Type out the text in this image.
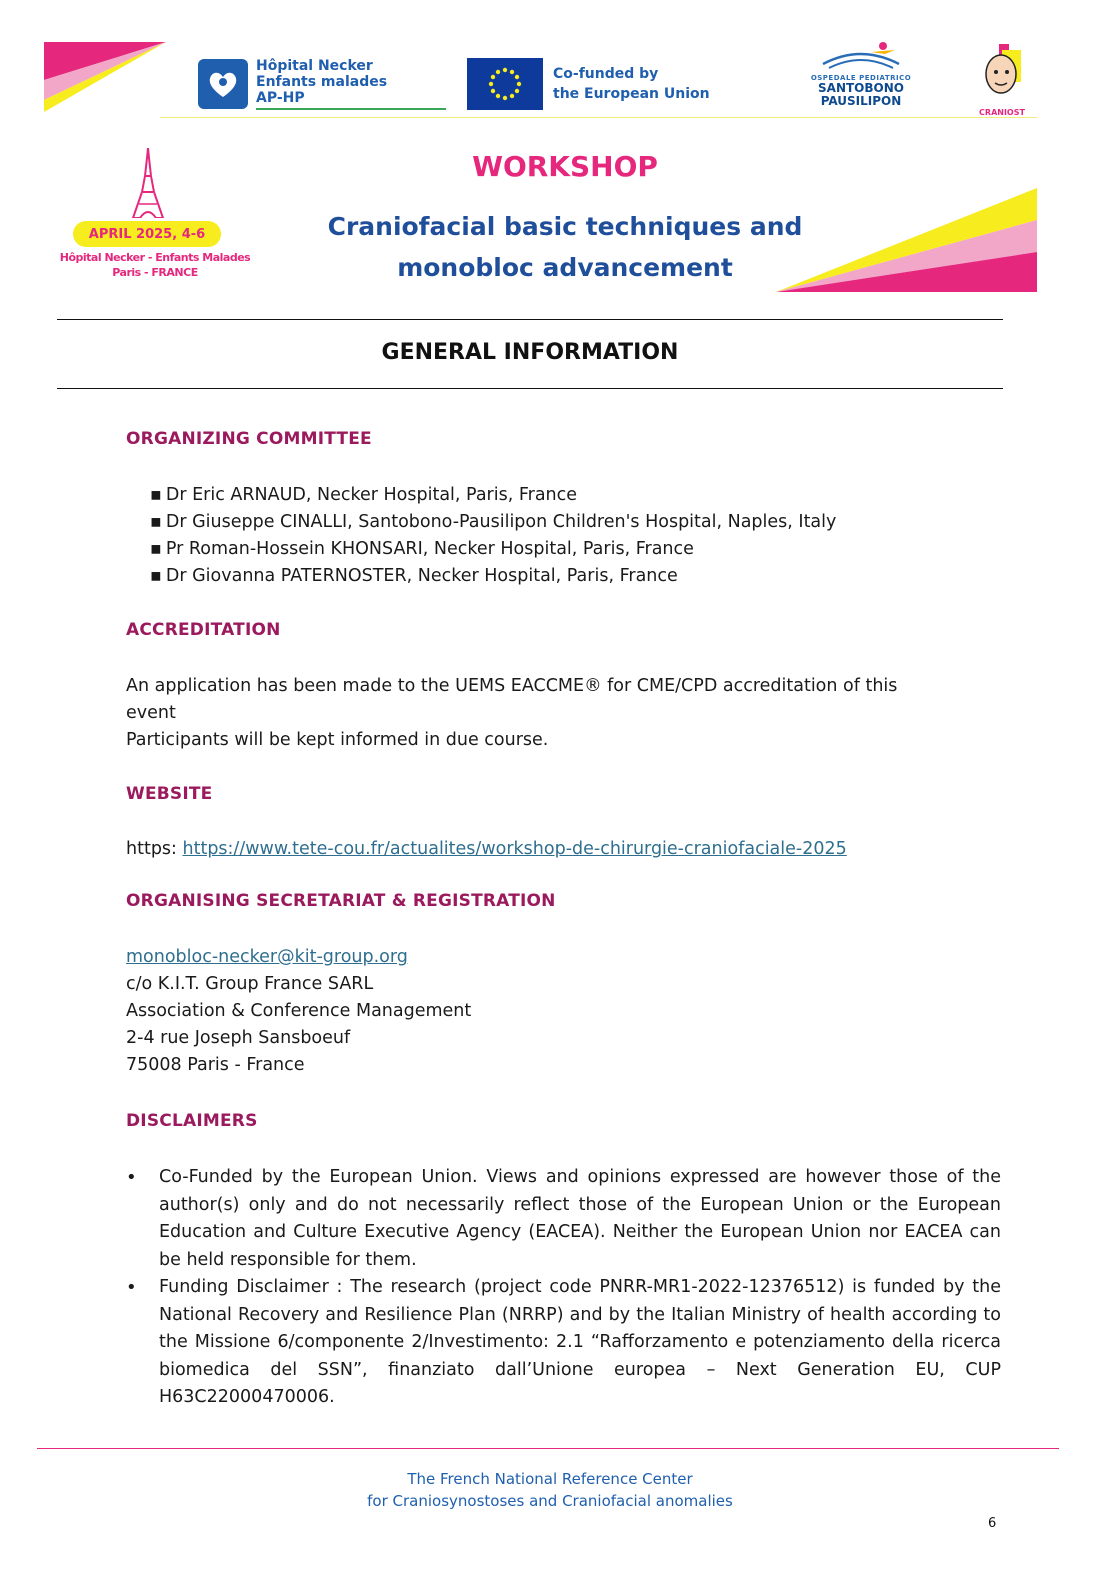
Hôpital Necker
Enfants malades
AP-HP
Co-funded by
the European Union
OSPEDALE PEDIATRICO
SANTOBONO
PAUSILIPON
CRANIOST
APRIL 2025, 4-6
Hôpital Necker - Enfants Malades
Paris - FRANCE
WORKSHOP
Craniofacial basic techniques and
monobloc advancement
GENERAL INFORMATION
ORGANIZING COMMITTEE
▪ Dr Eric ARNAUD, Necker Hospital, Paris, France
▪ Dr Giuseppe CINALLI, Santobono-Pausilipon Children's Hospital, Naples, Italy
▪ Pr Roman-Hossein KHONSARI, Necker Hospital, Paris, France
▪ Dr Giovanna PATERNOSTER, Necker Hospital, Paris, France
ACCREDITATION
An application has been made to the UEMS EACCME® for CME/CPD accreditation of this
event
Participants will be kept informed in due course.
WEBSITE
https: https://www.tete-cou.fr/actualites/workshop-de-chirurgie-craniofaciale-2025
ORGANISING SECRETARIAT & REGISTRATION
monobloc-necker@kit-group.org
c/o K.I.T. Group France SARL
Association & Conference Management
2-4 rue Joseph Sansboeuf
75008 Paris - France
DISCLAIMERS
• Co-Funded by the European Union. Views and opinions expressed are however those of the author(s) only and do not necessarily reflect those of the European Union or the European Education and Culture Executive Agency (EACEA). Neither the European Union nor EACEA can be held responsible for them.
• Funding Disclaimer : The research (project code PNRR-MR1-2022-12376512) is funded by the National Recovery and Resilience Plan (NRRP) and by the Italian Ministry of health according to the Missione 6/componente 2/Investimento: 2.1 “Rafforzamento e potenziamento della ricerca biomedica del SSN”, finanziato dall’Unione europea – Next Generation EU, CUP H63C22000470006.
The French National Reference Center
for Craniosynostoses and Craniofacial anomalies
6
